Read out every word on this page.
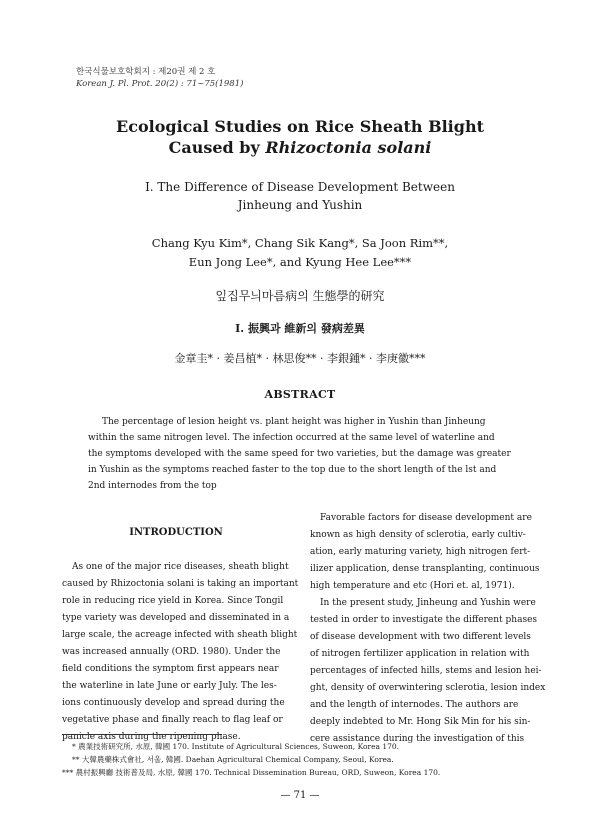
한국식물보호학회지 : 제20권 제 2 호
Korean J. Pl. Prot. 20(2) : 71~75(1981)
Ecological Studies on Rice Sheath Blight
Caused by Rhizoctonia solani
I. The Difference of Disease Development Between
Jinheung and Yushin
Chang Kyu Kim*, Chang Sik Kang*, Sa Joon Rim**,
Eun Jong Lee*, and Kyung Hee Lee***
잎집무늬마름病의 生態學的研究
I. 振興과 維新의 發病差異
金章圭* · 姜昌植* · 林思俊** · 李銀鍾* · 李庚徽***
ABSTRACT
The percentage of lesion height vs. plant height was higher in Yushin than Jinheung
within the same nitrogen level. The infection occurred at the same level of waterline and
the symptoms developed with the same speed for two varieties, but the damage was greater
in Yushin as the symptoms reached faster to the top due to the short length of the lst and
2nd internodes from the top
INTRODUCTION
As one of the major rice diseases, sheath blight
caused by Rhizoctonia solani is taking an important
role in reducing rice yield in Korea. Since Tongil
type variety was developed and disseminated in a
large scale, the acreage infected with sheath blight
was increased annually (ORD. 1980). Under the
field conditions the symptom first appears near
the waterline in late June or early July. The les-
ions continuously develop and spread during the
vegetative phase and finally reach to flag leaf or
panicle axis during the ripening phase.
Favorable factors for disease development are
known as high density of sclerotia, early cultiv-
ation, early maturing variety, high nitrogen fert-
ilizer application, dense transplanting, continuous
high temperature and etc (Hori et. al, 1971).
In the present study, Jinheung and Yushin were
tested in order to investigate the different phases
of disease development with two different levels
of nitrogen fertilizer application in relation with
percentages of infected hills, stems and lesion hei-
ght, density of overwintering sclerotia, lesion index
and the length of internodes. The authors are
deeply indebted to Mr. Hong Sik Min for his sin-
cere assistance during the investigation of this
* 農業技術研究所, 水原, 韓國 170. Institute of Agricultural Sciences, Suweon, Korea 170.
** 大韓農藥株式會社, 서울, 韓國. Daehan Agricultural Chemical Company, Seoul, Korea.
*** 農村振興廳 技術普及局, 水原, 韓國 170. Technical Dissemination Bureau, ORD, Suweon, Korea 170.
— 71 —
